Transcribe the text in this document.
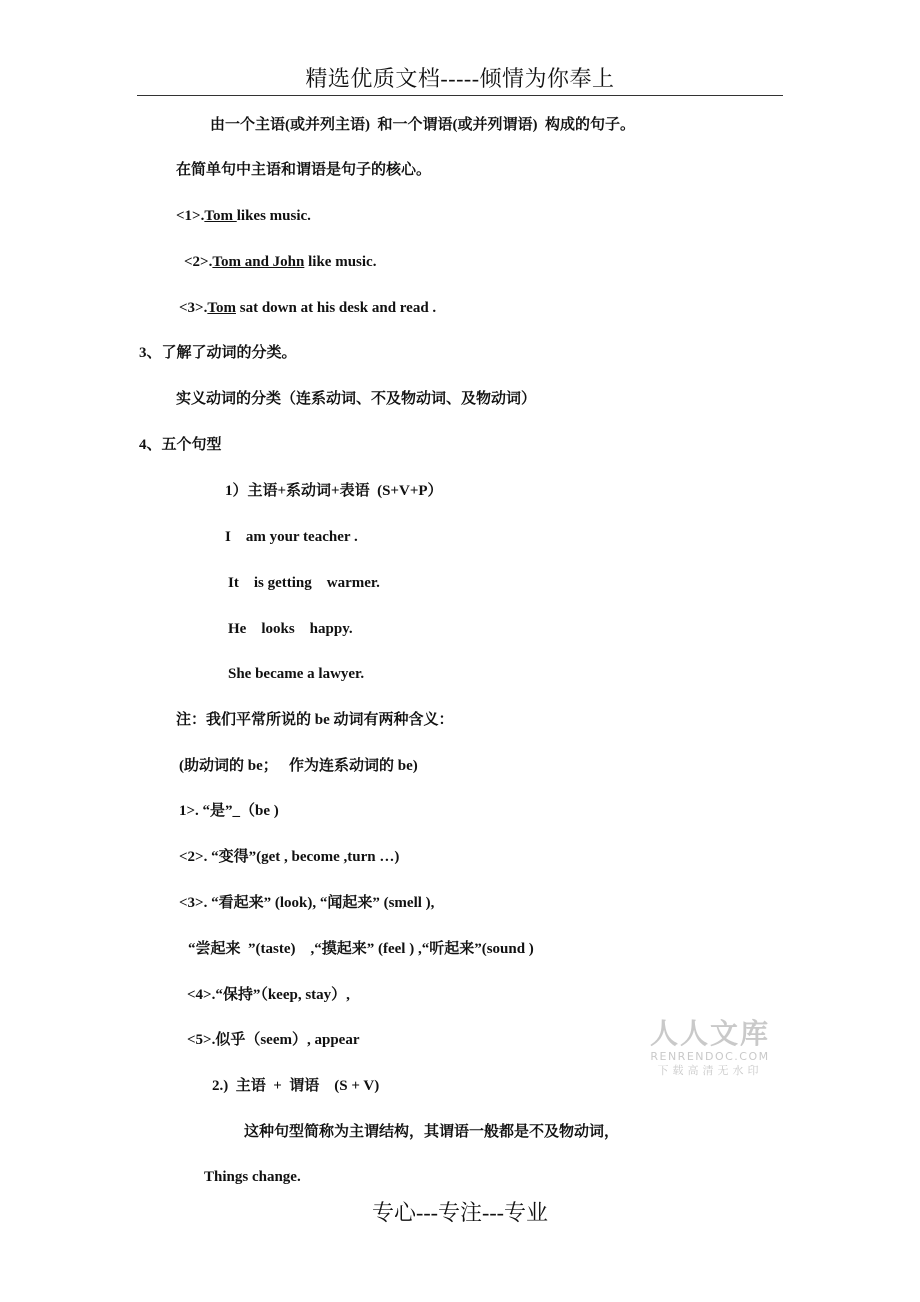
精选优质文档-----倾情为你奉上
由一个主语(或并列主语)  和一个谓语(或并列谓语)  构成的句子。
在简单句中主语和谓语是句子的核心。
<1>.Tom likes music.
<2>.Tom and John like music.
<3>.Tom sat down at his desk and read .
3、了解了动词的分类。
实义动词的分类（连系动词、不及物动词、及物动词）
4、五个句型
1）主语+系动词+表语  (S+V+P）
I    am your teacher .
It    is getting    warmer.
He    looks    happy.
She became a lawyer.
注：我们平常所说的 be 动词有两种含义：
(助动词的 be；   作为连系动词的 be)
1>. “是”_（be )
<2>. “变得”(get , become ,turn …)
<3>. “看起来” (look), “闻起来” (smell ),
“尝起来  ”(taste)    ,“摸起来” (feel ) ,“听起来”(sound )
<4>.“保持”（keep, stay）,
<5>.似乎（seem）, appear
2.)  主语  +  谓语    (S + V)
这种句型简称为主谓结构，其谓语一般都是不及物动词，
Things change.
人人文库
RENRENDOC.COM
下载高清无水印
专心---专注---专业
